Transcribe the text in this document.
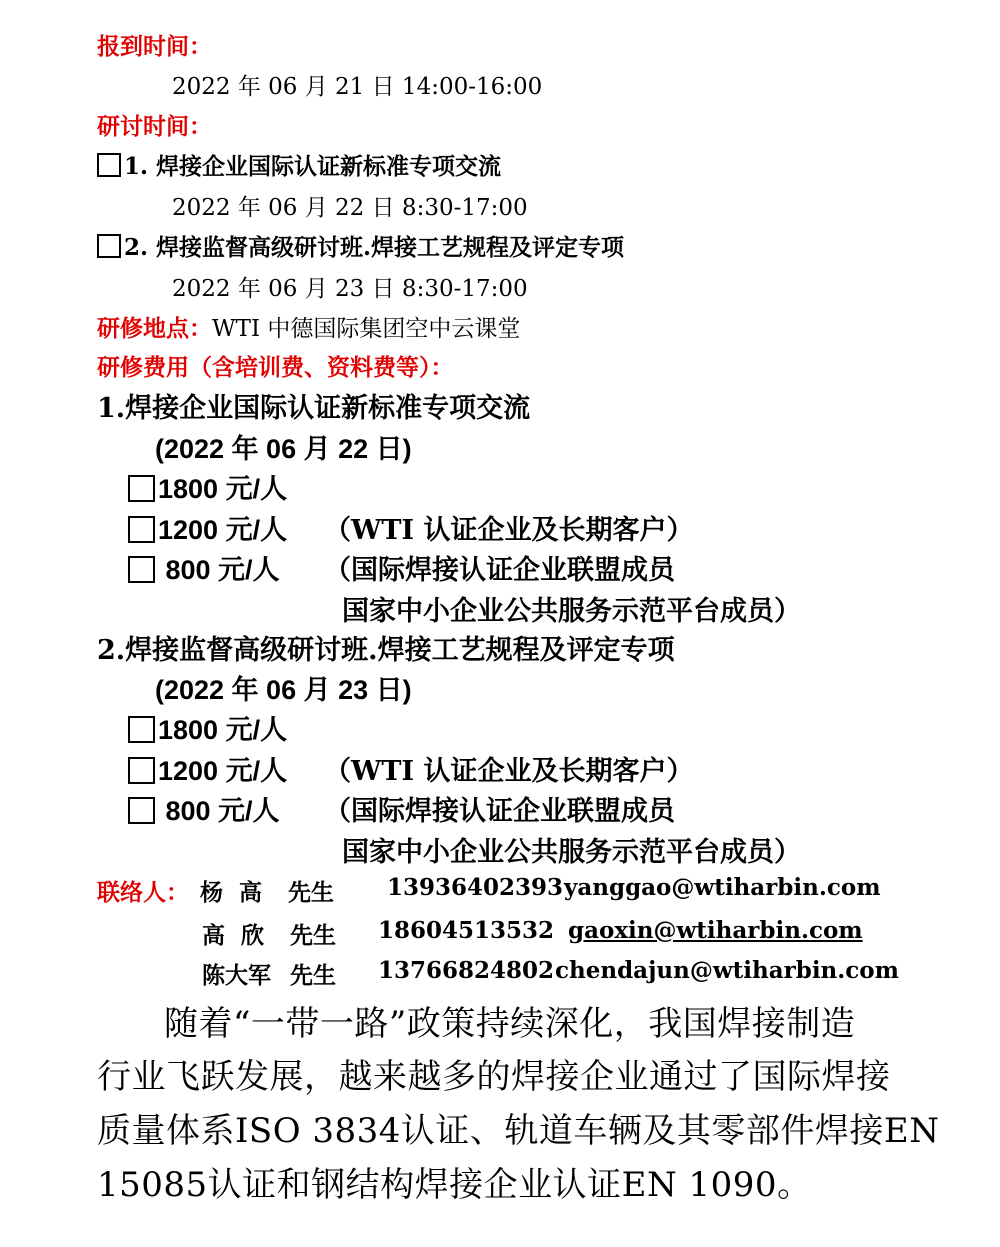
报到时间：
2022 年 06 月 21 日 14:00-16:00
研讨时间：
1. 焊接企业国际认证新标准专项交流
2022 年 06 月 22 日 8:30-17:00
2. 焊接监督高级研讨班.焊接工艺规程及评定专项
2022 年 06 月 23 日 8:30-17:00
研修地点：WTI 中德国际集团空中云课堂
研修费用（含培训费、资料费等）：
1.焊接企业国际认证新标准专项交流
(2022 年 06 月 22 日)
1800 元/人
1200 元/人 （WTI 认证企业及长期客户）
800 元/人 （国际焊接认证企业联盟成员
国家中小企业公共服务示范平台成员）
2.焊接监督高级研讨班.焊接工艺规程及评定专项
(2022 年 06 月 23 日)
1800 元/人
1200 元/人 （WTI 认证企业及长期客户）
800 元/人 （国际焊接认证企业联盟成员
国家中小企业公共服务示范平台成员）
联络人： 杨  高 先生 13936402393 yanggao@wtiharbin.com
高  欣 先生 18604513532 gaoxin@wtiharbin.com
陈大军 先生 13766824802 chendajun@wtiharbin.com
随着“一带一路”政策持续深化，我国焊接制造
行业飞跃发展，越来越多的焊接企业通过了国际焊接
质量体系ISO 3834认证、轨道车辆及其零部件焊接EN
15085认证和钢结构焊接企业认证EN 1090。
